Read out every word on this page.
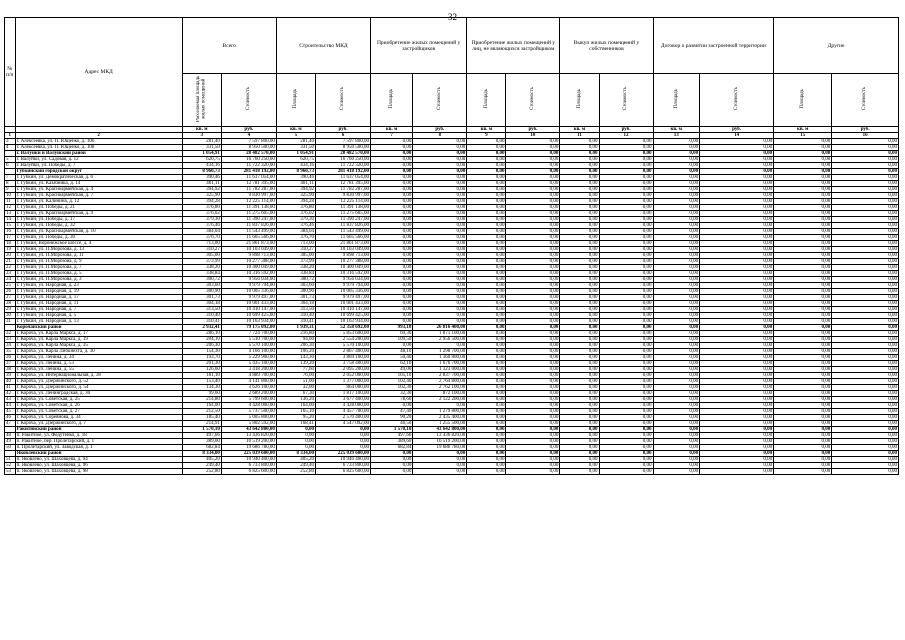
32
№ п/п	Адрес МКД	Всего		Строительство МКД		Приобретение жилых помещений у застройщиков		Приобретение жилых помещений у лиц, не являющихся застройщиком		Выкуп жилых помещений у собственников		Договор о развитии застроенной территории		Другие	
		Расселяемая площадь жилых помещений	Стоимость	Площадь	Стоимость	Площадь	Стоимость	Площадь	Стоимость	Площадь	Стоимость	Площадь	Стоимость	Площадь	Стоимость
		кв. м	руб.	кв. м	руб.	кв. м	руб.	кв. м	руб.	кв. м	руб.	кв. м	руб.	кв. м	руб.
1	2	3	4	5	6	7	8	9	10	11	12	13	14	15	16
3	г. Алексеевка, ул. П. Ющенко, д. 106	281,40	7 597 800,00	281,40	7 597 800,00	0,00	0,00	0,00	0,00	0,00	0,00	0,00	0,00	0,00	0,00
4	г. Алексеевка, ул. П. Ющенко, д. 108	331,50	8 950 500,00	331,50	8 950 500,00	0,00	0,00	0,00	0,00	0,00	0,00	0,00	0,00	0,00	0,00
	г. Валуйки и Валуйский район	1 054,91	28 482 570,00	1 054,91	28 482 570,00	0,00	0,00	0,00	0,00	0,00	0,00	0,00	0,00	0,00	0,00
5	г. Валуйки, ул. Садовая, д. 12	620,75	16 760 250,00	620,75	16 760 250,00	0,00	0,00	0,00	0,00	0,00	0,00	0,00	0,00	0,00	0,00
6	г. Валуйки, ул. Победы, д. 7	434,16	11 722 320,00	434,16	11 722 320,00	0,00	0,00	0,00	0,00	0,00	0,00	0,00	0,00	0,00	0,00
	Губкинский городской округ	8 960,73	281 418 192,00	8 960,73	281 418 192,00	0,00	0,00	0,00	0,00	0,00	0,00	0,00	0,00	0,00	0,00
7	г. Губкин, ул. Демократическая, д. 6	390,46	11 637 054,00	390,46	11 637 054,00	0,00	0,00	0,00	0,00	0,00	0,00	0,00	0,00	0,00	0,00
8	г. Губкин, ул. Казачника, д. 14	401,11	12 781 395,00	401,11	12 781 395,00	0,00	0,00	0,00	0,00	0,00	0,00	0,00	0,00	0,00	0,00
9	г. Губкин, ул. Красноармейская, д. 4	394,92	11 782 287,00	394,92	11 782 287,00	0,00	0,00	0,00	0,00	0,00	0,00	0,00	0,00	0,00	0,00
10	г. Губкин, ул. Красноармейская, д. 7	325,90	9 830 997,00	325,90	9 830 997,00	0,00	0,00	0,00	0,00	0,00	0,00	0,00	0,00	0,00	0,00
11	г. Губкин, ул. Калинина, д. 12	394,28	12 225 114,00	394,28	12 225 114,00	0,00	0,00	0,00	0,00	0,00	0,00	0,00	0,00	0,00	0,00
12	г. Губкин, ул. Победы, д. 21	376,80	11 391 138,00	376,80	11 391 138,00	0,00	0,00	0,00	0,00	0,00	0,00	0,00	0,00	0,00	0,00
13	г. Губкин, ул. Красноармейская, д. 9	376,02	11 275 605,00	376,02	11 275 605,00	0,00	0,00	0,00	0,00	0,00	0,00	0,00	0,00	0,00	0,00
14	г. Губкин, ул. Победы, д. 17	379,30	11 390 247,00	379,30	11 390 247,00	0,00	0,00	0,00	0,00	0,00	0,00	0,00	0,00	0,00	0,00
15	г. Губкин, ул. Победы, д. 32	376,46	11 837 826,00	376,46	11 837 826,00	0,00	0,00	0,00	0,00	0,00	0,00	0,00	0,00	0,00	0,00
16	г. Губкин, ул. Красноармейская, д. 10	384,04	11 543 499,00	384,04	11 543 499,00	0,00	0,00	0,00	0,00	0,00	0,00	0,00	0,00	0,00	0,00
17	г. Губкин, ул. Победы, д. 30	376,70	11 665 566,00	376,70	11 665 566,00	0,00	0,00	0,00	0,00	0,00	0,00	0,00	0,00	0,00	0,00
18	г. Губкин, Воронежское шоссе, д. 4	713,00	21 861 873,00	713,00	21 861 873,00	0,00	0,00	0,00	0,00	0,00	0,00	0,00	0,00	0,00	0,00
19	г. Губкин, ул. П.Морозова, д. 13	310,27	10 103 049,00	310,27	10 103 049,00	0,00	0,00	0,00	0,00	0,00	0,00	0,00	0,00	0,00	0,00
20	г. Губкин, ул. П.Морозова, д. 11	305,00	9 898 713,00	305,00	9 898 713,00	0,00	0,00	0,00	0,00	0,00	0,00	0,00	0,00	0,00	0,00
21	г. Губкин, ул. П.Морозова, д. 9	373,99	10 277 388,00	373,99	10 277 388,00	0,00	0,00	0,00	0,00	0,00	0,00	0,00	0,00	0,00	0,00
22	г. Губкин, ул. П.Морозова, д. 7	338,20	10 400 049,00	338,20	10 400 049,00	0,00	0,00	0,00	0,00	0,00	0,00	0,00	0,00	0,00	0,00
23	г. Губкин, ул. П.Морозова, д. 5	338,84	10 316 592,00	338,84	10 316 592,00	0,00	0,00	0,00	0,00	0,00	0,00	0,00	0,00	0,00	0,00
24	г. Губкин, ул. П.Морозова, д. 3	300,72	9 956 034,00	300,72	9 956 034,00	0,00	0,00	0,00	0,00	0,00	0,00	0,00	0,00	0,00	0,00
25	г. Губкин, ул. Народная, д. 23	303,60	9 979 794,00	303,60	9 979 794,00	0,00	0,00	0,00	0,00	0,00	0,00	0,00	0,00	0,00	0,00
26	г. Губкин, ул. Народная, д. 19	300,90	10 005 336,00	300,90	10 005 336,00	0,00	0,00	0,00	0,00	0,00	0,00	0,00	0,00	0,00	0,00
27	г. Губкин, ул. Народная, д. 17	301,73	9 979 497,00	301,73	9 979 497,00	0,00	0,00	0,00	0,00	0,00	0,00	0,00	0,00	0,00	0,00
28	г. Губкин, ул. Народная, д. 11	304,18	10 001 433,00	304,18	10 001 433,00	0,00	0,00	0,00	0,00	0,00	0,00	0,00	0,00	0,00	0,00
29	г. Губкин, ул. Народная, д. 7	313,50	10 410 147,00	313,50	10 410 147,00	0,00	0,00	0,00	0,00	0,00	0,00	0,00	0,00	0,00	0,00
30	г. Губкин, ул. Народная, д. 5	310,40	10 699 425,00	310,40	10 699 425,00	0,00	0,00	0,00	0,00	0,00	0,00	0,00	0,00	0,00	0,00
31	г. Губкин, ул. Народная, д. 13	310,41	10 163 934,00	310,41	10 163 934,00	0,00	0,00	0,00	0,00	0,00	0,00	0,00	0,00	0,00	0,00
	Корочанский район	2 932,41	79 175 092,00	1 939,31	52 358 692,00	993,10	26 816 400,00	0,00	0,00	0,00	0,00	0,00	0,00	0,00	0,00
32	г. Короча, ул. Карла Маркса, д. 17	286,10	7 724 700,00	216,80	5 853 600,00	69,30	1 871 100,00	0,00	0,00	0,00	0,00	0,00	0,00	0,00	0,00
33	г. Короча, ул. Карла Маркса, д. 19	204,10	5 510 700,00	94,60	2 554 200,00	109,50	2 956 500,00	0,00	0,00	0,00	0,00	0,00	0,00	0,00	0,00
34	г. Короча, ул. Карла Маркса, д. 35	206,30	5 570 100,00	206,30	5 570 100,00	0,00	0,00	0,00	0,00	0,00	0,00	0,00	0,00	0,00	0,00
35	г. Короча, ул. Карла Либкнехта, д. 30	154,30	4 166 100,00	106,20	2 867 400,00	48,10	1 298 700,00	0,00	0,00	0,00	0,00	0,00	0,00	0,00	0,00
36	г. Короча, ул. Ленина, д. 34	193,70	5 229 900,00	143,30	3 869 100,00	50,40	1 360 800,00	0,00	0,00	0,00	0,00	0,00	0,00	0,00	0,00
37	г. Короча, ул. Ленина, д. 53	201,30	5 435 100,00	139,20	3 758 400,00	62,10	1 676 700,00	0,00	0,00	0,00	0,00	0,00	0,00	0,00	0,00
38	г. Короча, ул. Ленина, д. 55	126,60	3 418 200,00	77,60	2 095 200,00	49,00	1 323 000,00	0,00	0,00	0,00	0,00	0,00	0,00	0,00	0,00
39	г. Короча, ул. Интернациональная, д. 38	181,10	4 889 700,00	76,00	2 052 000,00	105,10	2 837 700,00	0,00	0,00	0,00	0,00	0,00	0,00	0,00	0,00
40	г. Короча, ул. Дзержинского, д. 52	153,40	4 141 800,00	51,00	1 377 000,00	102,40	2 764 800,00	0,00	0,00	0,00	0,00	0,00	0,00	0,00	0,00
41	г. Короча, ул. Дзержинского, д. 54	134,30	3 626 100,00	32,00	864 000,00	102,30	2 762 100,00	0,00	0,00	0,00	0,00	0,00	0,00	0,00	0,00
42	г. Короча, ул. Ленинградская, д. 30	99,60	2 689 200,00	67,30	1 817 100,00	32,30	872 100,00	0,00	0,00	0,00	0,00	0,00	0,00	0,00	0,00
43	г. Короча, ул. Советская, д. 25	214,80	5 799 600,00	136,20	3 677 400,00	78,60	2 122 200,00	0,00	0,00	0,00	0,00	0,00	0,00	0,00	0,00
44	г. Короча, ул. Советская, д. 26	164,00	4 428 000,00	164,00	4 428 000,00	0,00	0,00	0,00	0,00	0,00	0,00	0,00	0,00	0,00	0,00
45	г. Короча, ул. Советская, д. 27	212,50	5 737 500,00	165,10	4 457 700,00	47,40	1 279 800,00	0,00	0,00	0,00	0,00	0,00	0,00	0,00	0,00
46	г. Короча, ул. Соревнова, д. 34	185,40	5 005 800,00	95,20	2 570 400,00	90,20	2 435 400,00	0,00	0,00	0,00	0,00	0,00	0,00	0,00	0,00
47	г. Короча, ул. Дзержинского, д. 7	214,91	5 802 592,00	168,41	4 547 092,00	46,50	1 255 500,00	0,00	0,00	0,00	0,00	0,00	0,00	0,00	0,00
	Ракитянский район	1 570,10	43 642 800,00	0,00	0,00	1 570,10	43 642 800,00	0,00	0,00	0,00	0,00	0,00	0,00	0,00	0,00
48	п. Ракитное, ул. Федутенко, д. 18	497,66	13 436 820,00	0,00	0,00	497,66	13 436 820,00	0,00	0,00	0,00	0,00	0,00	0,00	0,00	0,00
49	п. Ракитное, пер. Пролетарский, д. 1	389,60	10 519 200,00	0,00	0,00	389,60	10 519 200,00	0,00	0,00	0,00	0,00	0,00	0,00	0,00	0,00
50	п. Пролетарский, ул. Заводская, д. 1	682,84	19 686 780,00	0,00	0,00	682,84	19 686 780,00	0,00	0,00	0,00	0,00	0,00	0,00	0,00	0,00
	Яковлевский район	8 334,00	225 039 600,00	8 334,00	225 039 600,00	0,00	0,00	0,00	0,00	0,00	0,00	0,00	0,00	0,00	0,00
51	п. Яковлево, ул. Шаховцева, д. 94	405,20	10 940 400,00	405,20	10 940 400,00	0,00	0,00	0,00	0,00	0,00	0,00	0,00	0,00	0,00	0,00
52	п. Яковлево, ул. Шаховцева, д. 96	249,40	6 733 800,00	249,40	6 733 800,00	0,00	0,00	0,00	0,00	0,00	0,00	0,00	0,00	0,00	0,00
53	п. Яковлево, ул. Шаховцева, д. 98	252,80	6 825 600,00	252,80	6 825 600,00	0,00	0,00	0,00	0,00	0,00	0,00	0,00	0,00	0,00	0,00
